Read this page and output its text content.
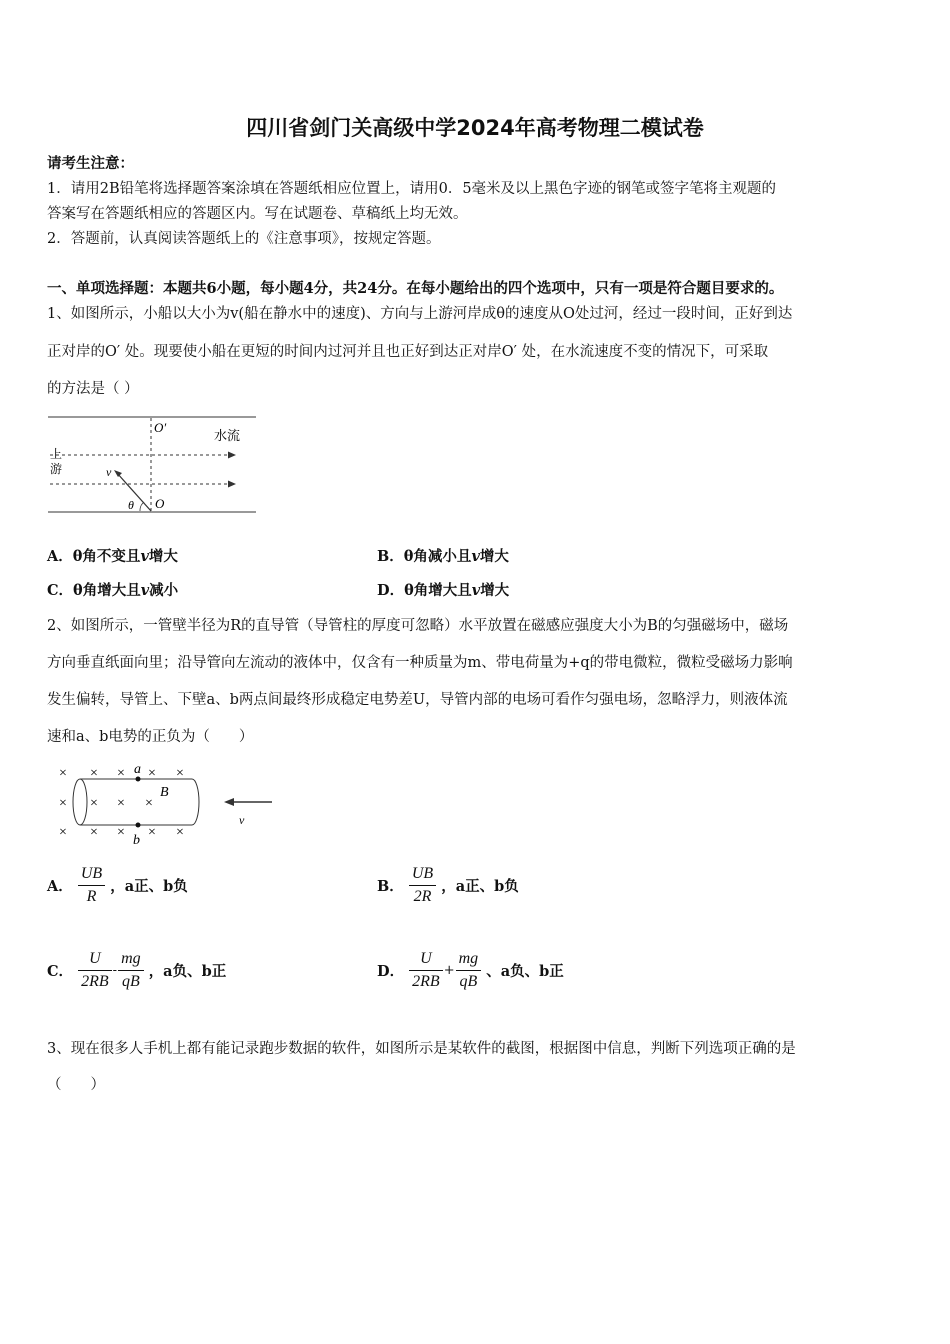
四川省剑门关高级中学2024年高考物理二模试卷
请考生注意：
1．请用2B铅笔将选择题答案涂填在答题纸相应位置上，请用0．5毫米及以上黑色字迹的钢笔或签字笔将主观题的
答案写在答题纸相应的答题区内。写在试题卷、草稿纸上均无效。
2．答题前，认真阅读答题纸上的《注意事项》，按规定答题。
一、单项选择题：本题共6小题，每小题4分，共24分。在每小题给出的四个选项中，只有一项是符合题目要求的。
1、如图所示，小船以大小为v(船在静水中的速度)、方向与上游河岸成θ的速度从O处过河，经过一段时间，正好到达
正对岸的O′ 处。现要使小船在更短的时间内过河并且也正好到达正对岸O′ 处，在水流速度不变的情况下，可采取
的方法是（ ）
O′
水流
上
游	v
θ O
A．θ角不变且v增大	B．θ角减小且v增大
C．θ角增大且v减小	D．θ角增大且v增大
2、如图所示，一管壁半径为R的直导管（导管柱的厚度可忽略）水平放置在磁感应强度大小为B的匀强磁场中，磁场
方向垂直纸面向里；沿导管向左流动的液体中，仅含有一种质量为m、带电荷量为+q的带电微粒，微粒受磁场力影响
发生偏转，导管上、下壁a、b两点间最终形成稳定电势差U，导管内部的电场可看作匀强电场，忽略浮力，则液体流
速和a、b电势的正负为（　　）
× × × × ×
× × × ×
× × × × ×
a
b
B
v
A． $\frac{UB}{R}$ ，a正、b负	B． $\frac{UB}{2R}$ ，a正、b负
C． $\frac{U}{2RB} - \frac{mg}{qB}$ ，a负、b正	D． $\frac{U}{2RB} + \frac{mg}{qB}$ 、a负、b正
3、现在很多人手机上都有能记录跑步数据的软件，如图所示是某软件的截图，根据图中信息，判断下列选项正确的是
（　　）
